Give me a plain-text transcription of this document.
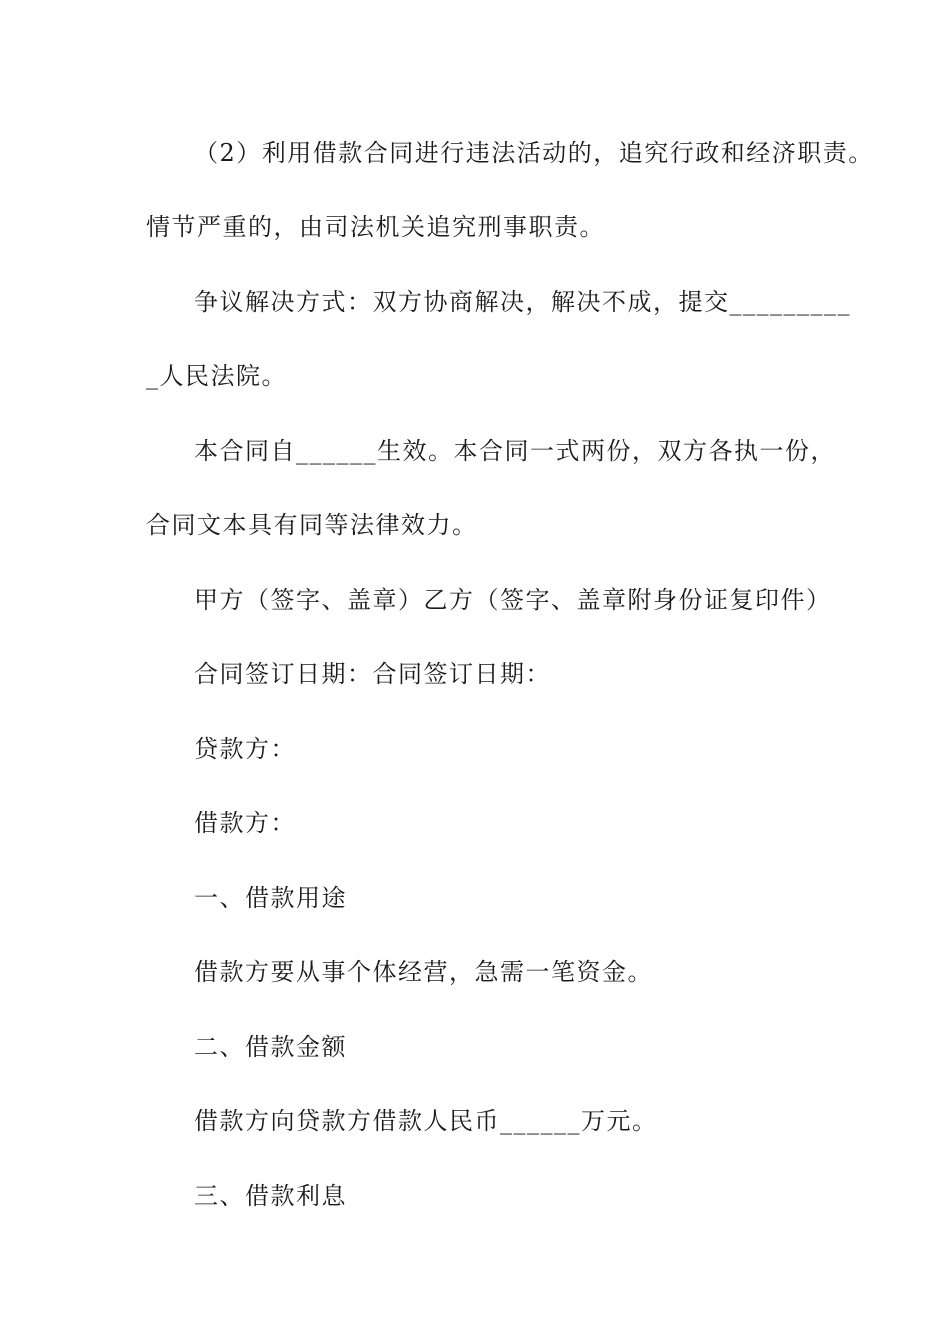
（2）利用借款合同进行违法活动的，追究行政和经济职责。
情节严重的，由司法机关追究刑事职责。
争议解决方式：双方协商解决，解决不成，提交_________
_人民法院。
本合同自______生效。本合同一式两份，双方各执一份，
合同文本具有同等法律效力。
甲方（签字、盖章）乙方（签字、盖章附身份证复印件）
合同签订日期：合同签订日期：
贷款方：
借款方：
一、借款用途
借款方要从事个体经营，急需一笔资金。
二、借款金额
借款方向贷款方借款人民币______万元。
三、借款利息
